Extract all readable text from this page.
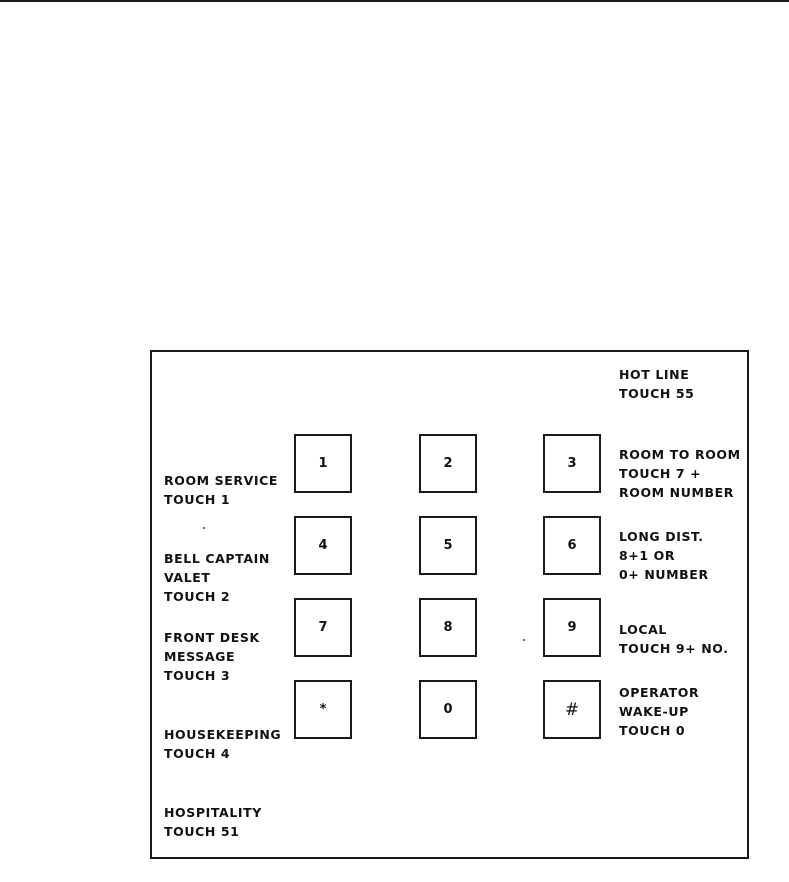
HOT LINE
TOUCH 55
ROOM SERVICE
TOUCH 1
BELL CAPTAIN
VALET
TOUCH 2
FRONT DESK
MESSAGE
TOUCH 3
HOUSEKEEPING
TOUCH 4
HOSPITALITY
TOUCH 51
ROOM TO ROOM
TOUCH 7 +
ROOM NUMBER
LONG DIST.
8+1 OR
0+ NUMBER
LOCAL
TOUCH 9+ NO.
OPERATOR
WAKE-UP
TOUCH 0
1	2	3
4	5	6
7	8	9
*	0	#
